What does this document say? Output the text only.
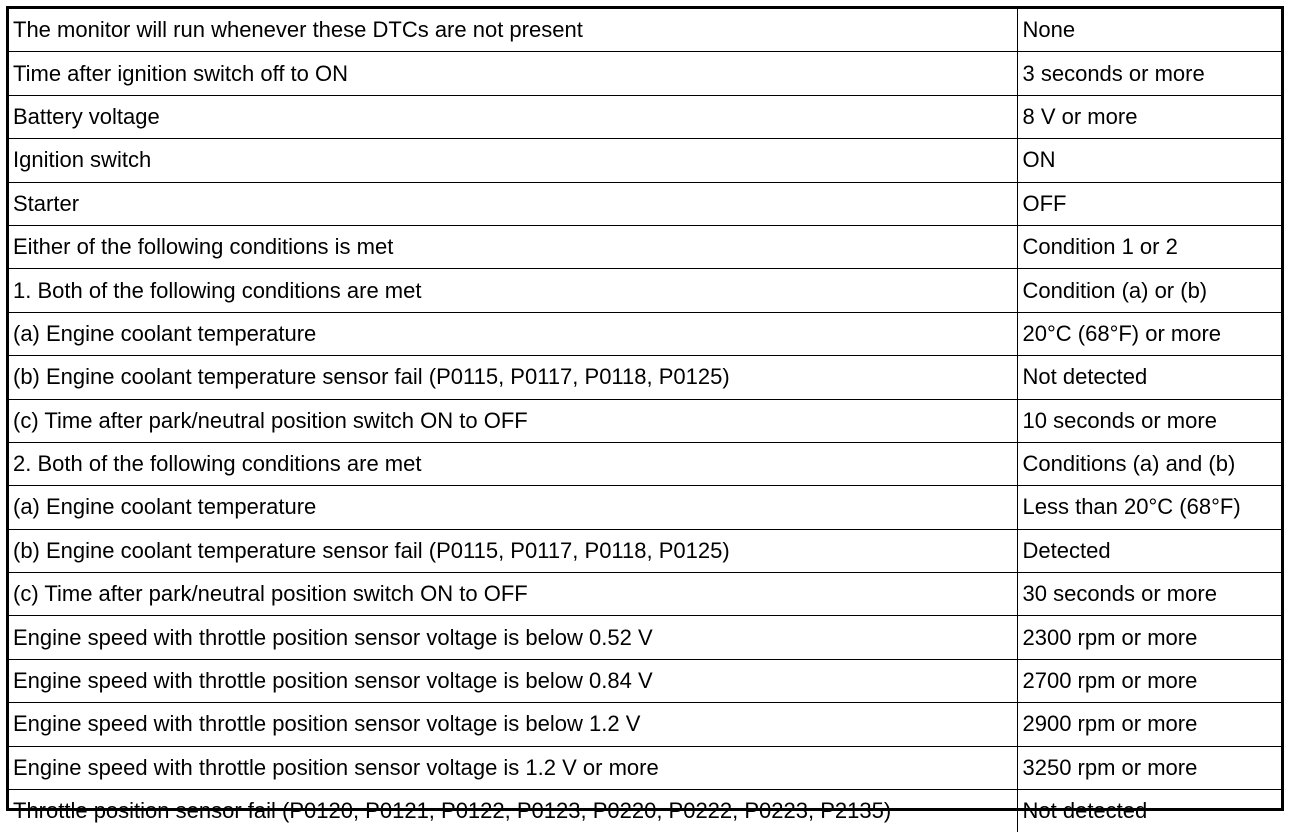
The monitor will run whenever these DTCs are not present	None
Time after ignition switch off to ON	3 seconds or more
Battery voltage	8 V or more
Ignition switch	ON
Starter	OFF
Either of the following conditions is met	Condition 1 or 2
1. Both of the following conditions are met	Condition (a) or (b)
(a) Engine coolant temperature	20°C (68°F) or more
(b) Engine coolant temperature sensor fail (P0115, P0117, P0118, P0125)	Not detected
(c) Time after park/neutral position switch ON to OFF	10 seconds or more
2. Both of the following conditions are met	Conditions (a) and (b)
(a) Engine coolant temperature	Less than 20°C (68°F)
(b) Engine coolant temperature sensor fail (P0115, P0117, P0118, P0125)	Detected
(c) Time after park/neutral position switch ON to OFF	30 seconds or more
Engine speed with throttle position sensor voltage is below 0.52 V	2300 rpm or more
Engine speed with throttle position sensor voltage is below 0.84 V	2700 rpm or more
Engine speed with throttle position sensor voltage is below 1.2 V	2900 rpm or more
Engine speed with throttle position sensor voltage is 1.2 V or more	3250 rpm or more
Throttle position sensor fail (P0120, P0121, P0122, P0123, P0220, P0222, P0223, P2135)	Not detected
